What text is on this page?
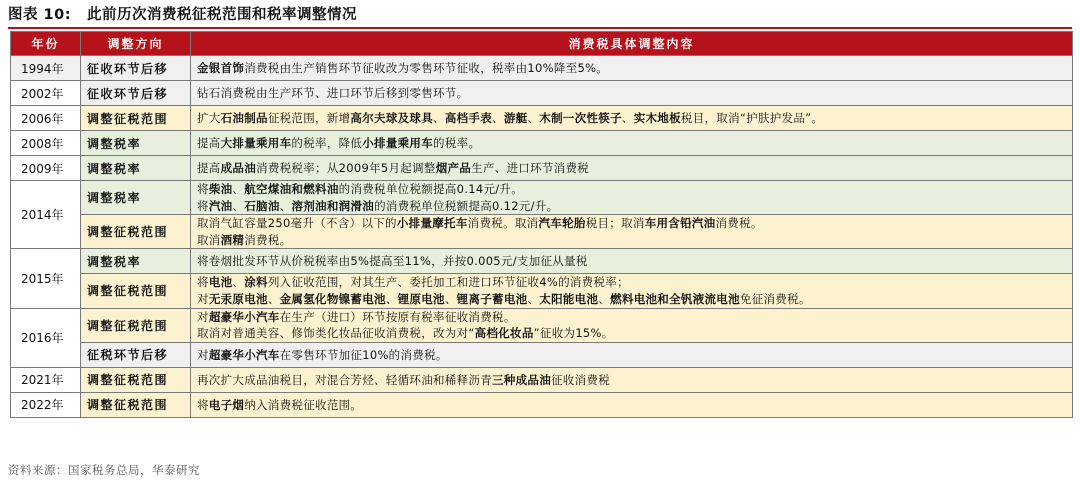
图表 10: 此前历次消费税征税范围和税率调整情况
年份	调整方向	消费税具体调整内容
1994年	征收环节后移	金银首饰消费税由生产销售环节征收改为零售环节征收，税率由10%降至5%。
2002年	征收环节后移	钻石消费税由生产环节、进口环节后移到零售环节。
2006年	调整征税范围	扩大石油制品征税范围，新增高尔夫球及球具、高档手表、游艇、木制一次性筷子、实木地板税目，取消“护肤护发品”。
2008年	调整税率	提高大排量乘用车的税率，降低小排量乘用车的税率。
2009年	调整税率	提高成品油消费税税率；从2009年5月起调整烟产品生产、进口环节消费税
2014年	调整税率	将柴油、航空煤油和燃料油的消费税单位税额提高0.14元/升。
将汽油、石脑油、溶剂油和润滑油的消费税单位税额提高0.12元/升。

	调整征税范围	取消气缸容量250毫升（不含）以下的小排量摩托车消费税。取消汽车轮胎税目；取消车用含铅汽油消费税。
取消酒精消费税。

2015年	调整税率	将卷烟批发环节从价税税率由5%提高至11%，并按0.005元/支加征从量税
	调整征税范围	将电池、涂料列入征收范围，对其生产、委托加工和进口环节征收4%的消费税率；
对无汞原电池、金属氢化物镍蓄电池、锂原电池、锂离子蓄电池、太阳能电池、燃料电池和全钒液流电池免征消费税。

2016年	调整征税范围	对超豪华小汽车在生产（进口）环节按原有税率征收消费税。
取消对普通美容、修饰类化妆品征收消费税，改为对“高档化妆品”征收为15%。

	征税环节后移	对超豪华小汽车在零售环节加征10%的消费税。
2021年	调整征税范围	再次扩大成品油税目，对混合芳烃、轻循环油和稀释沥青三种成品油征收消费税
2022年	调整征税范围	将电子烟纳入消费税征收范围。
资料来源：国家税务总局，华泰研究
